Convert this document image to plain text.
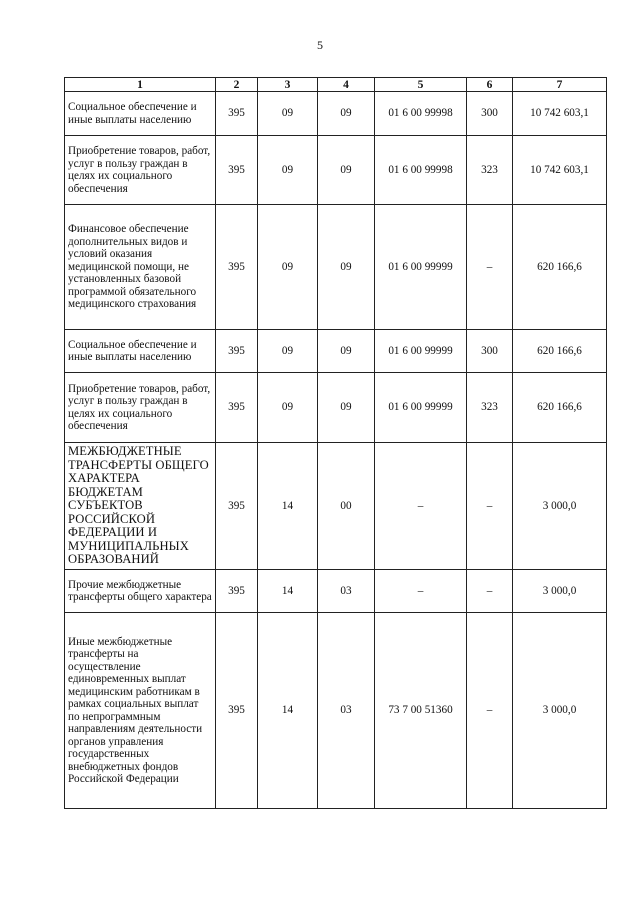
5
1	2	3	4	5	6	7
Социальное обеспечение и иные выплаты населению	395	09	09	01 6 00 99998	300	10 742 603,1
Приобретение товаров, работ, услуг в пользу граждан в целях их социального обеспечения	395	09	09	01 6 00 99998	323	10 742 603,1
Финансовое обеспечение дополнительных видов и условий оказания медицинской помощи, не установленных базовой программой обязательного медицинского страхования	395	09	09	01 6 00 99999	–	620 166,6
Социальное обеспечение и иные выплаты населению	395	09	09	01 6 00 99999	300	620 166,6
Приобретение товаров, работ, услуг в пользу граждан в целях их социального обеспечения	395	09	09	01 6 00 99999	323	620 166,6
МЕЖБЮДЖЕТНЫЕ ТРАНСФЕРТЫ ОБЩЕГО ХАРАКТЕРА БЮДЖЕТАМ СУБЪЕКТОВ РОССИЙСКОЙ ФЕДЕРАЦИИ И МУНИЦИПАЛЬНЫХ ОБРАЗОВАНИЙ	395	14	00	–	–	3 000,0
Прочие межбюджетные трансферты общего характера	395	14	03	–	–	3 000,0
Иные межбюджетные трансферты на осуществление единовременных выплат медицинским работникам в рамках социальных выплат по непрограммным направлениям деятельности органов управления государственных внебюджетных фондов Российской Федерации	395	14	03	73 7 00 51360	–	3 000,0
